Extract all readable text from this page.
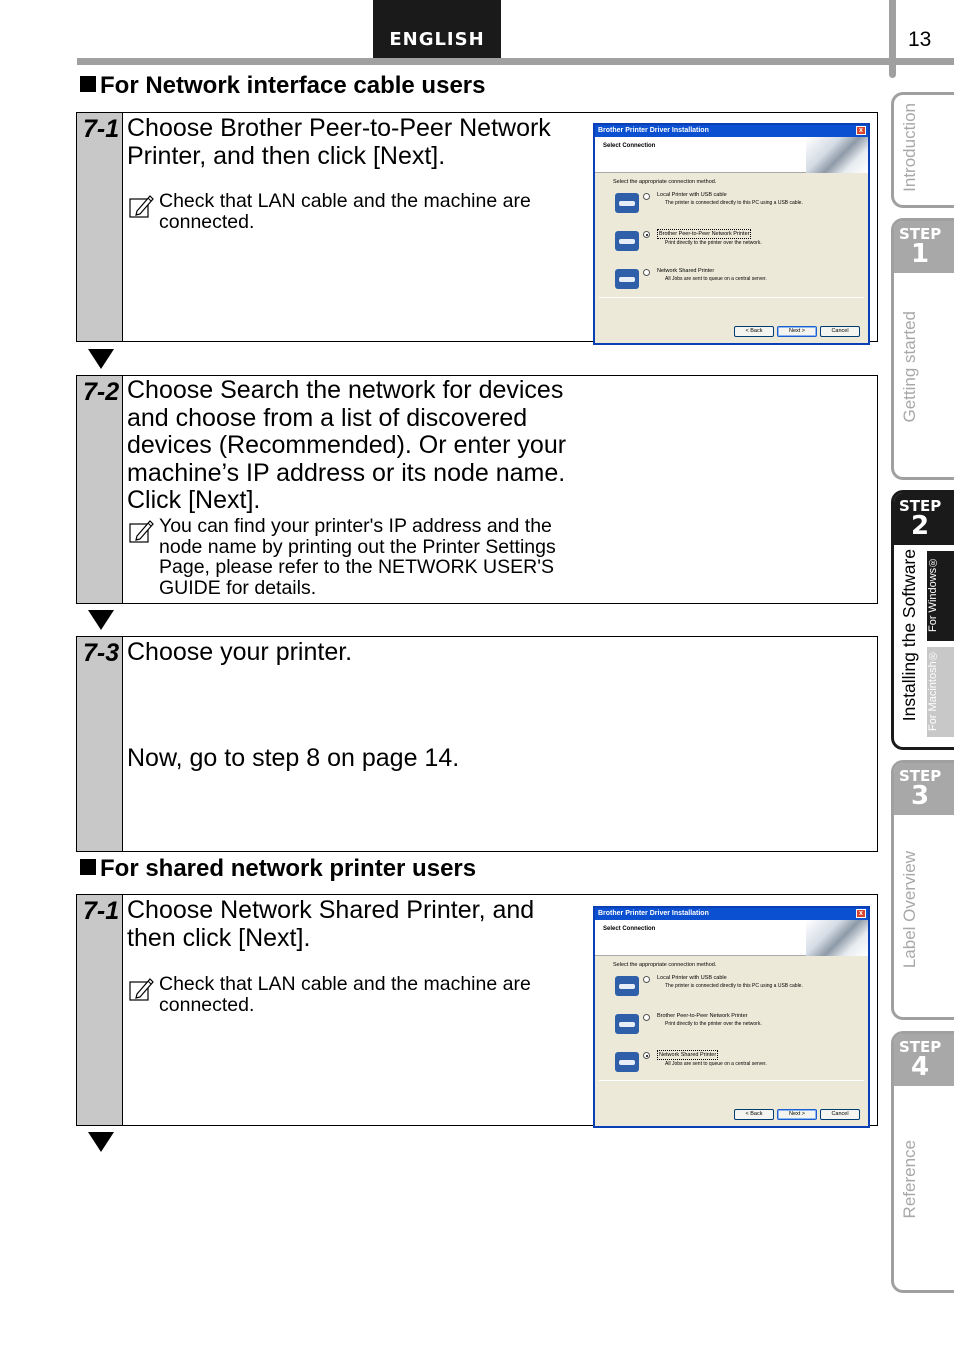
ENGLISH	13
For Network interface cable users
7-1 Choose Brother Peer-to-Peer Network Printer, and then click [Next].
Check that LAN cable and the machine are connected.
Brother Printer Driver Installation	x
Select Connection
Select the appropriate connection method.
Local Printer with USB cable
The printer is connected directly to this PC using a USB cable.
Brother Peer-to-Peer Network Printer
Print directly to the printer over the network.
Network Shared Printer
All Jobs are sent to queue on a central server.
< Back	Next >	Cancel
7-2 Choose Search the network for devices and choose from a list of discovered devices (Recommended). Or enter your machine’s IP address or its node name. Click [Next].
You can find your printer's IP address and the node name by printing out the Printer Settings Page, please refer to the NETWORK USER'S GUIDE for details.
7-3 Choose your printer.
Now, go to step 8 on page 14.
For shared network printer users
7-1 Choose Network Shared Printer, and then click [Next].
Check that LAN cable and the machine are connected.
Brother Printer Driver Installation	x
Select Connection
Select the appropriate connection method.
Local Printer with USB cable
The printer is connected directly to this PC using a USB cable.
Brother Peer-to-Peer Network Printer
Print directly to the printer over the network.
Network Shared Printer
All Jobs are sent to queue on a central server.
< Back	Next >	Cancel
Introduction
STEP
1
Getting started
STEP
2
Installing the Software For Windows®
For Macintosh®
STEP
3
Label Overview
STEP
4
Reference
